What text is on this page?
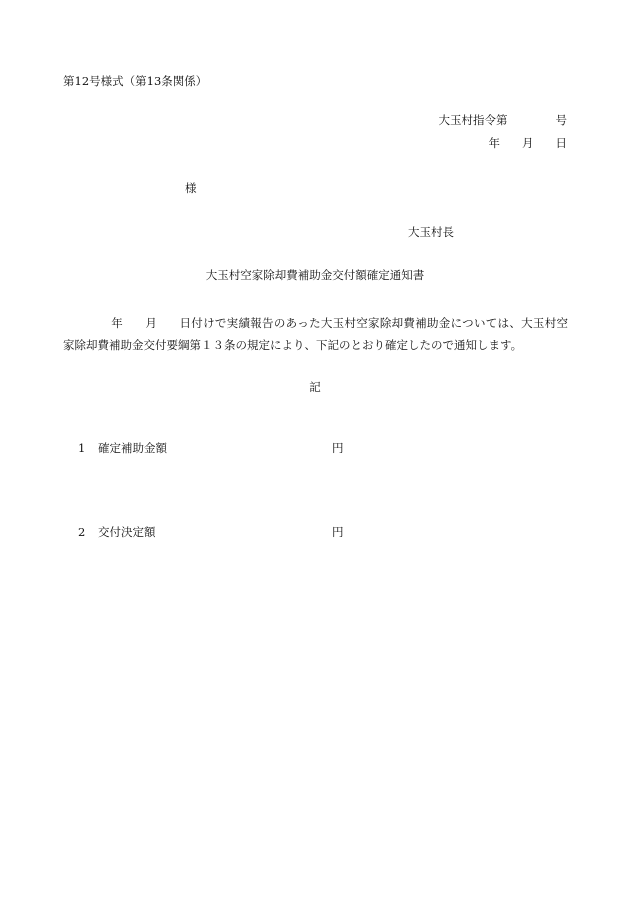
第12号様式（第13条関係）
大玉村指令第	号
年 月 日
様
大玉村長
大玉村空家除却費補助金交付額確定通知書
年 月 日付けで実績報告のあった大玉村空家除却費補助金については、大玉村空家除却費補助金交付要綱第１３条の規定により、下記のとおり確定したので通知します。
記
1 確定補助金額	円
2 交付決定額	円
